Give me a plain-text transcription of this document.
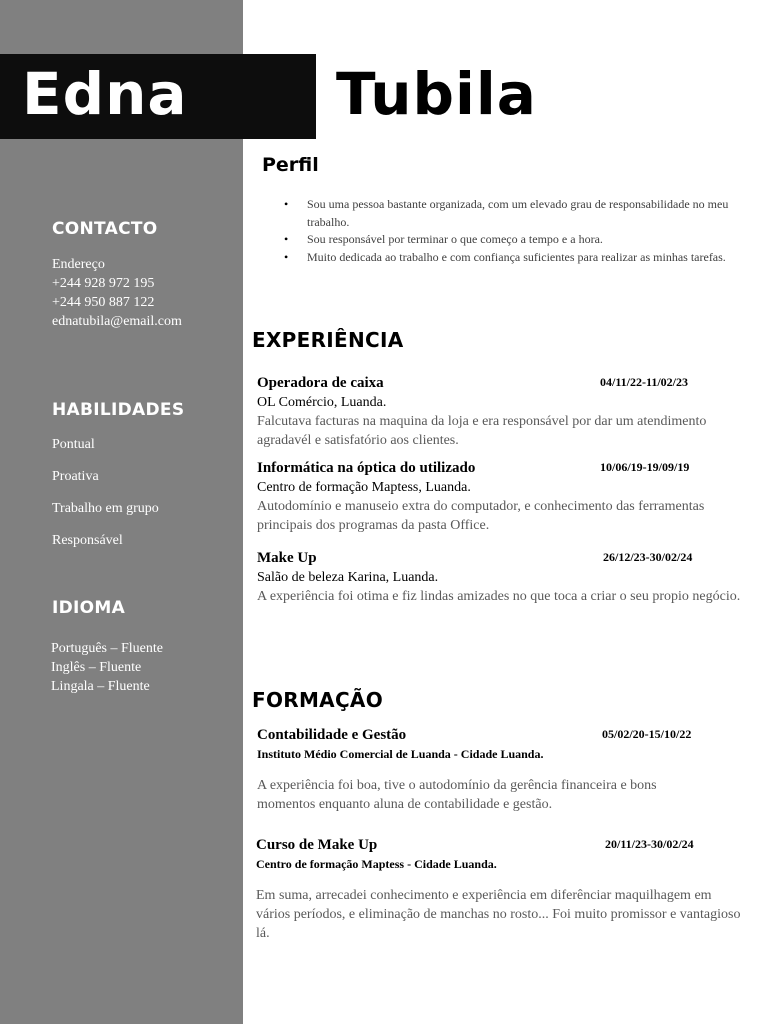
Edna	Tubila
CONTACTO
Endereço
+244 928 972 195
+244 950 887 122
ednatubila@email.com
HABILIDADES
Pontual
Proativa
Trabalho em grupo
Responsável
IDIOMA
Português – Fluente
Inglês – Fluente
Lingala – Fluente
Perfil
• Sou uma pessoa bastante organizada, com um elevado grau de responsabilidade no meu trabalho.
• Sou responsável por terminar o que começo a tempo e a hora.
• Muito dedicada ao trabalho e com confiança suficientes para realizar as minhas tarefas.
EXPERIÊNCIA
Operadora de caixa	04/11/22-11/02/23
OL Comércio, Luanda.
Falcutava facturas na maquina da loja e era responsável por dar um atendimento agradavél e satisfatório aos clientes.
Informática na óptica do utilizado	10/06/19-19/09/19
Centro de formação Maptess, Luanda.
Autodomínio e manuseio extra do computador, e conhecimento das ferramentas principais dos programas da pasta Office.
Make Up	26/12/23-30/02/24
Salão de beleza Karina, Luanda.
A experiência foi otima e fiz lindas amizades no que toca a criar o seu propio negócio.
FORMAÇÃO
Contabilidade e Gestão	05/02/20-15/10/22
Instituto Médio Comercial de Luanda - Cidade Luanda.
A experiência foi boa, tive o autodomínio da gerência financeira e bons momentos enquanto aluna de contabilidade e gestão.
Curso de Make Up	20/11/23-30/02/24
Centro de formação Maptess - Cidade Luanda.
Em suma, arrecadei conhecimento e experiência em diferênciar maquilhagem em vários períodos, e eliminação de manchas no rosto... Foi muito promissor e vantagioso lá.
